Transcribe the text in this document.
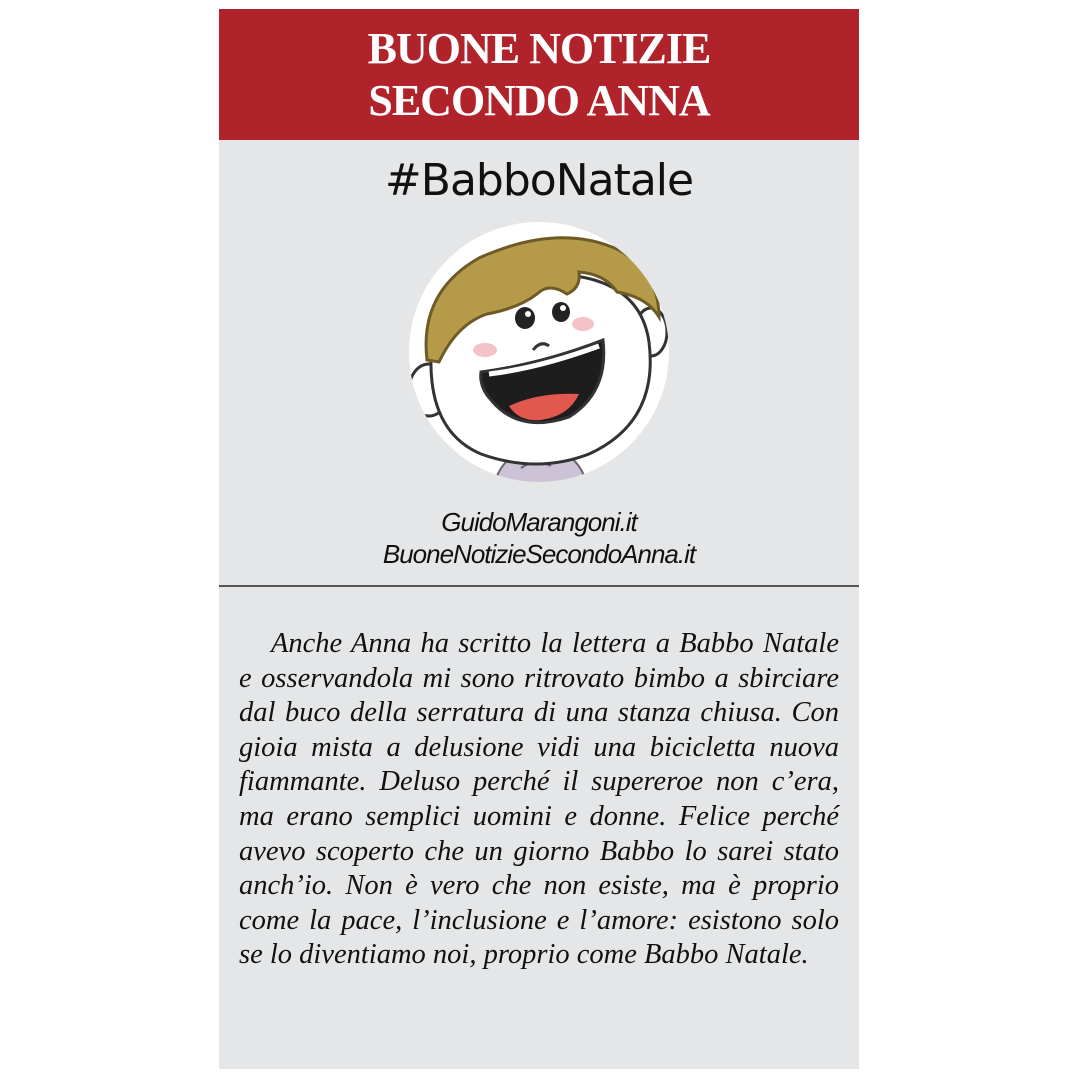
BUONE NOTIZIE
SECONDO ANNA
#BabboNatale
GuidoMarangoni.it
BuoneNotizieSecondoAnna.it

Anche Anna ha scritto la lettera a Babbo Natale e osservandola mi sono ritrovato bimbo a sbirciare dal buco della serratura di una stanza chiusa. Con gioia mista a delusione vidi una bicicletta nuova fiammante. Deluso perché il supereroe non c’era, ma erano semplici uomini e donne. Felice perché avevo scoperto che un giorno Babbo lo sarei stato anch’io. Non è vero che non esiste, ma è proprio come la pace, l’inclusione e l’amore: esistono solo se lo diventiamo noi, proprio come Babbo Natale.
